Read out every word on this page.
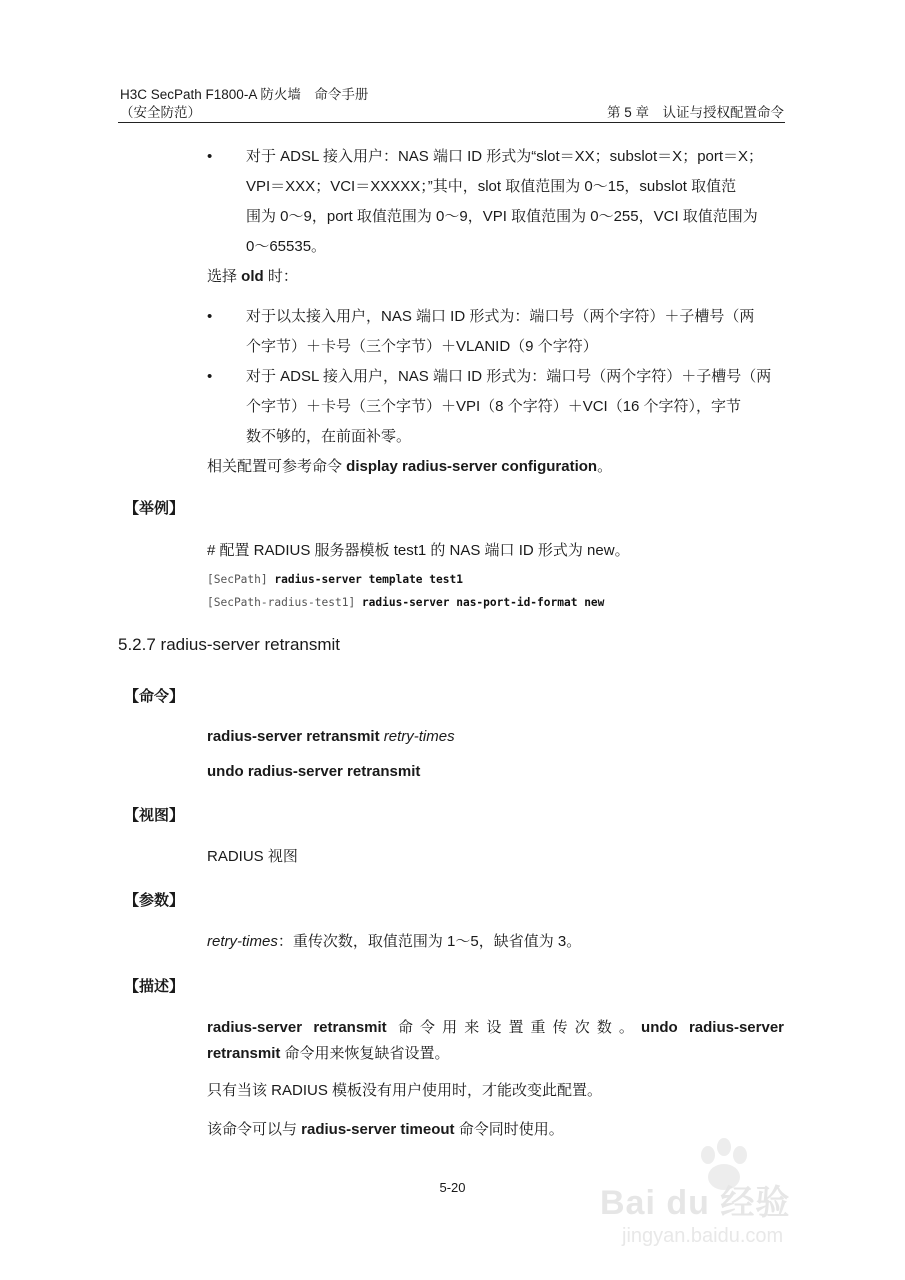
H3C SecPath F1800-A 防火墙　命令手册
（安全防范）	第 5 章　认证与授权配置命令
• 对于 ADSL 接入用户：NAS 端口 ID 形式为“slot＝XX；subslot＝X；port＝X；
VPI＝XXX；VCI＝XXXXX；”其中，slot 取值范围为 0～15，subslot 取值范
围为 0～9，port 取值范围为 0～9，VPI 取值范围为 0～255，VCI 取值范围为
0～65535。
选择 old 时：
• 对于以太接入用户，NAS 端口 ID 形式为：端口号（两个字符）＋子槽号（两
个字节）＋卡号（三个字节）＋VLANID（9 个字符）
• 对于 ADSL 接入用户，NAS 端口 ID 形式为：端口号（两个字符）＋子槽号（两
个字节）＋卡号（三个字节）＋VPI（8 个字符）＋VCI（16 个字符），字节
数不够的，在前面补零。
相关配置可参考命令 display radius-server configuration。
【举例】
# 配置 RADIUS 服务器模板 test1 的 NAS 端口 ID 形式为 new。
[SecPath] radius-server template test1
[SecPath-radius-test1] radius-server nas-port-id-format new
5.2.7 radius-server retransmit
【命令】
radius-server retransmit retry-times
undo radius-server retransmit
【视图】
RADIUS 视图
【参数】
retry-times：重传次数，取值范围为 1～5，缺省值为 3。
【描述】
radius-server retransmit 命令用来设置重传次数。undo radius-server
retransmit 命令用来恢复缺省设置。
只有当该 RADIUS 模板没有用户使用时，才能改变此配置。
该命令可以与 radius-server timeout 命令同时使用。
5-20	Bai du 经验
jingyan.baidu.com
